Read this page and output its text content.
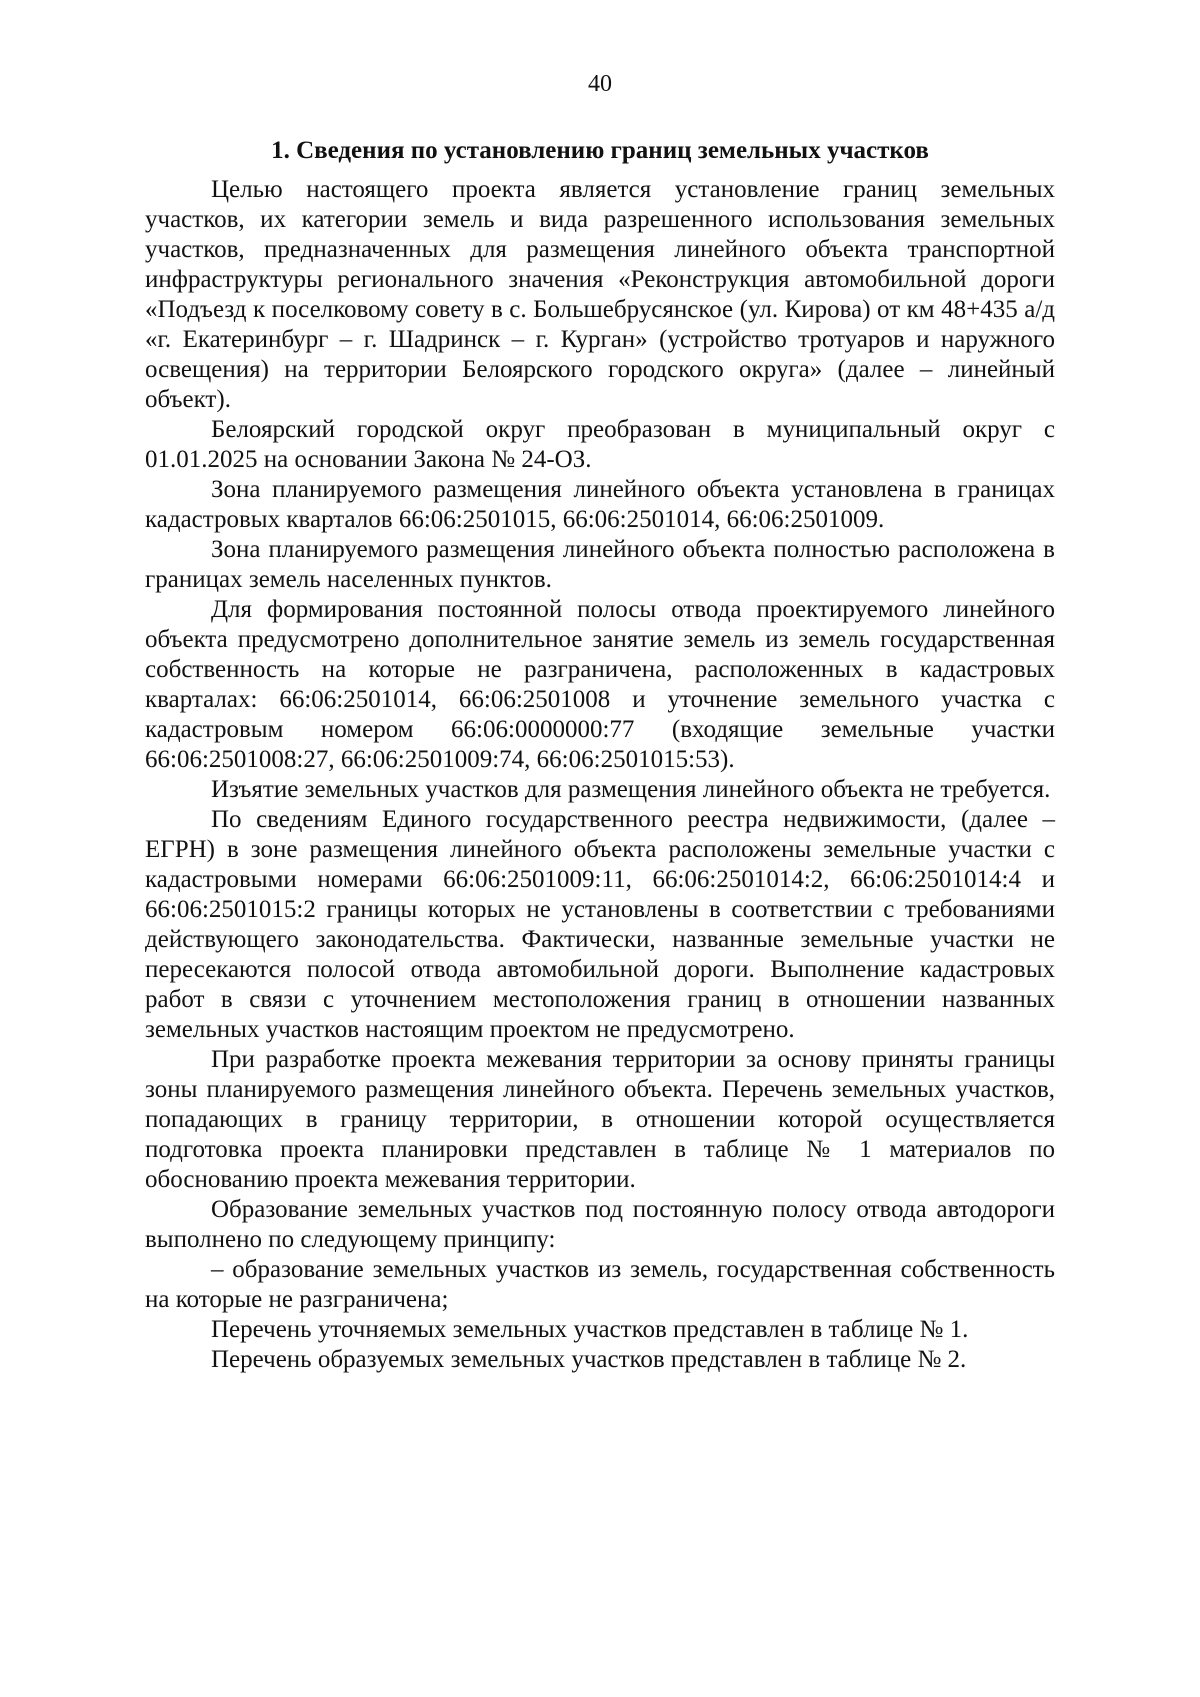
40
1. Сведения по установлению границ земельных участков

Целью настоящего проекта является установление границ земельных участков, их категории земель и вида разрешенного использования земельных участков, предназначенных для размещения линейного объекта транспортной инфраструктуры регионального значения «Реконструкция автомобильной дороги «Подъезд к поселковому совету в с. Большебрусянское (ул. Кирова) от км 48+435 а/д «г. Екатеринбург – г. Шадринск – г. Курган» (устройство тротуаров и наружного освещения) на территории Белоярского городского округа» (далее – линейный объект).

Белоярский городской округ преобразован в муниципальный округ с 01.01.2025 на основании Закона № 24-ОЗ.

Зона планируемого размещения линейного объекта установлена в границах кадастровых кварталов 66:06:2501015, 66:06:2501014, 66:06:2501009.

Зона планируемого размещения линейного объекта полностью расположена в границах земель населенных пунктов.

Для формирования постоянной полосы отвода проектируемого линейного объекта предусмотрено дополнительное занятие земель из земель государственная собственность на которые не разграничена, расположенных в кадастровых кварталах: 66:06:2501014, 66:06:2501008 и уточнение земельного участка с кадастровым номером 66:06:0000000:77 (входящие земельные участки 66:06:2501008:27, 66:06:2501009:74, 66:06:2501015:53).

Изъятие земельных участков для размещения линейного объекта не требуется.

По сведениям Единого государственного реестра недвижимости, (далее – ЕГРН) в зоне размещения линейного объекта расположены земельные участки с кадастровыми номерами 66:06:2501009:11, 66:06:2501014:2, 66:06:2501014:4 и 66:06:2501015:2 границы которых не установлены в соответствии с требованиями действующего законодательства. Фактически, названные земельные участки не пересекаются полосой отвода автомобильной дороги. Выполнение кадастровых работ в связи с уточнением местоположения границ в отношении названных земельных участков настоящим проектом не предусмотрено.

При разработке проекта межевания территории за основу приняты границы зоны планируемого размещения линейного объекта. Перечень земельных участков, попадающих в границу территории, в отношении которой осуществляется подготовка проекта планировки представлен в таблице № 1 материалов по обоснованию проекта межевания территории.

Образование земельных участков под постоянную полосу отвода автодороги выполнено по следующему принципу:

– образование земельных участков из земель, государственная собственность на которые не разграничена;

Перечень уточняемых земельных участков представлен в таблице № 1.

Перечень образуемых земельных участков представлен в таблице № 2.
